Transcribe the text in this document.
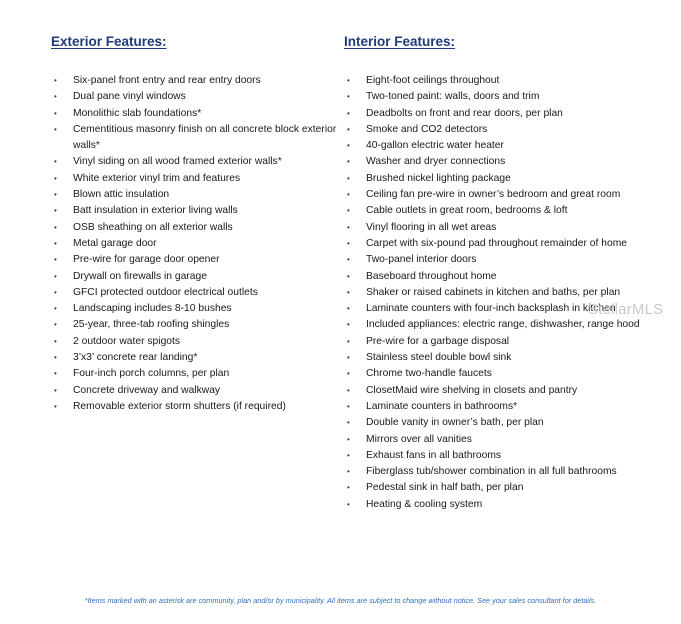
Exterior Features:
• Six-panel front entry and rear entry doors
• Dual pane vinyl windows
• Monolithic slab foundations*
• Cementitious masonry finish on all concrete block exterior walls*
• Vinyl siding on all wood framed exterior walls*
• White exterior vinyl trim and features
• Blown attic insulation
• Batt insulation in exterior living walls
• OSB sheathing on all exterior walls
• Metal garage door
• Pre-wire for garage door opener
• Drywall on firewalls in garage
• GFCI protected outdoor electrical outlets
• Landscaping includes 8-10 bushes
• 25-year, three-tab roofing shingles
• 2 outdoor water spigots
• 3’x3’ concrete rear landing*
• Four-inch porch columns, per plan
• Concrete driveway and walkway
• Removable exterior storm shutters (if required)
Interior Features:
• Eight-foot ceilings throughout
• Two-toned paint: walls, doors and trim
• Deadbolts on front and rear doors, per plan
• Smoke and CO2 detectors
• 40-gallon electric water heater
• Washer and dryer connections
• Brushed nickel lighting package
• Ceiling fan pre-wire in owner’s bedroom and great room
• Cable outlets in great room, bedrooms & loft
• Vinyl flooring in all wet areas
• Carpet with six-pound pad throughout remainder of home
• Two-panel interior doors
• Baseboard throughout home
• Shaker or raised cabinets in kitchen and baths, per plan
• Laminate counters with four-inch backsplash in kitchen
• Included appliances: electric range, dishwasher, range hood
• Pre-wire for a garbage disposal
• Stainless steel double bowl sink
• Chrome two-handle faucets
• ClosetMaid wire shelving in closets and pantry
• Laminate counters in bathrooms*
• Double vanity in owner’s bath, per plan
• Mirrors over all vanities
• Exhaust fans in all bathrooms
• Fiberglass tub/shower combination in all full bathrooms
• Pedestal sink in half bath, per plan
• Heating & cooling system
StellarMLS
*Items marked with an asterisk are community, plan and/or by municipality. All items are subject to change without notice. See your sales consultant for details.
